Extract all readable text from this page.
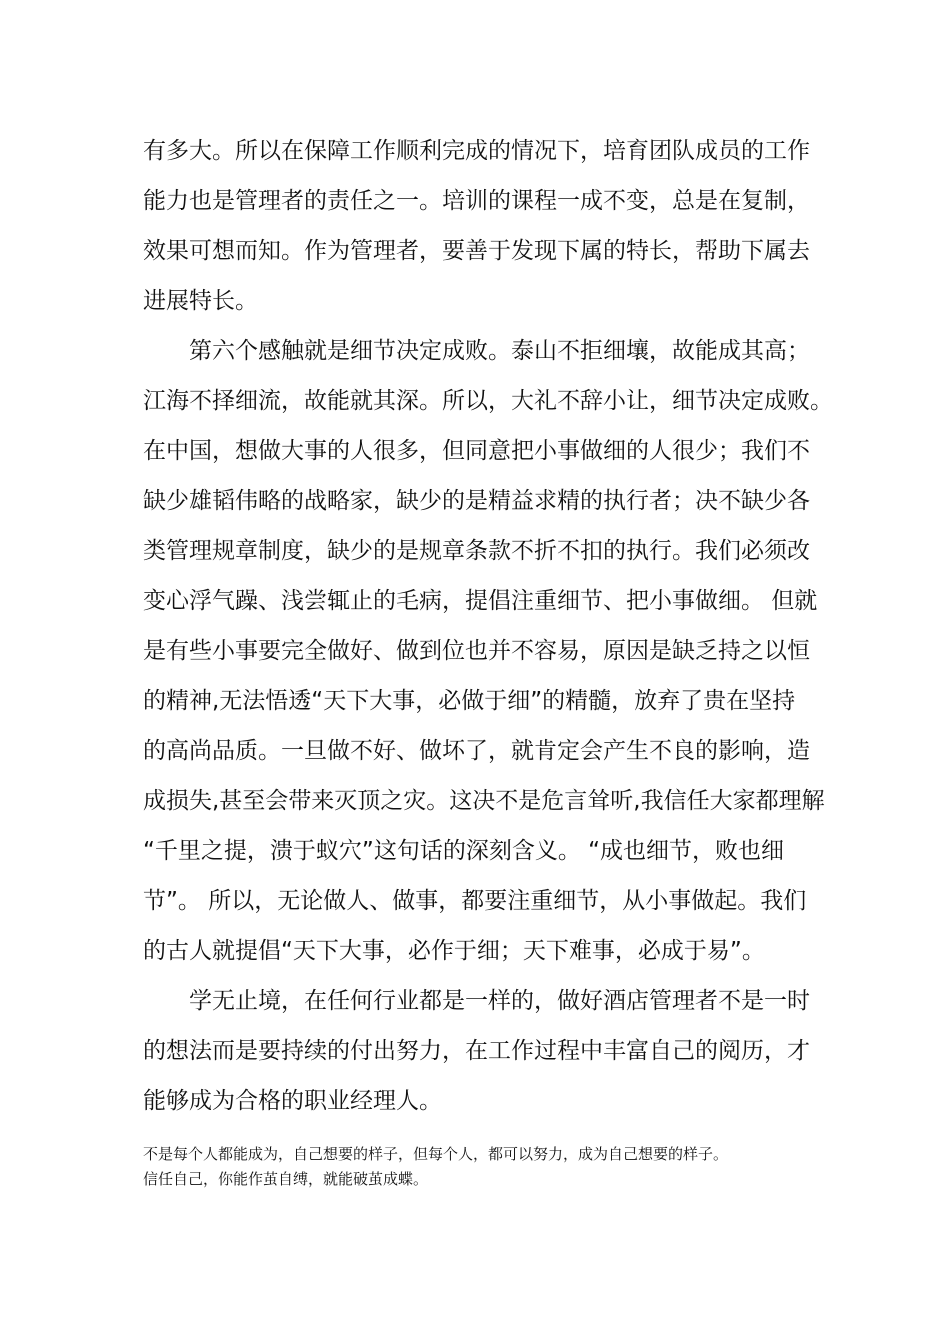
有多大。所以在保障工作顺利完成的情况下，培育团队成员的工作
能力也是管理者的责任之一。培训的课程一成不变，总是在复制，
效果可想而知。作为管理者，要善于发现下属的特长，帮助下属去
进展特长。
　　第六个感触就是细节决定成败。泰山不拒细壤，故能成其高；
江海不择细流，故能就其深。所以，大礼不辞小让，细节决定成败。
在中国，想做大事的人很多，但同意把小事做细的人很少；我们不
缺少雄韬伟略的战略家，缺少的是精益求精的执行者；决不缺少各
类管理规章制度，缺少的是规章条款不折不扣的执行。我们必须改
变心浮气躁、浅尝辄止的毛病，提倡注重细节、把小事做细。 但就
是有些小事要完全做好、做到位也并不容易，原因是缺乏持之以恒
的精神,无法悟透“天下大事，必做于细”的精髓，放弃了贵在坚持
的高尚品质。一旦做不好、做坏了，就肯定会产生不良的影响，造
成损失,甚至会带来灭顶之灾。这决不是危言耸听,我信任大家都理解
“千里之提，溃于蚁穴”这句话的深刻含义。 “成也细节，败也细
节”。 所以，无论做人、做事，都要注重细节，从小事做起。我们
的古人就提倡“天下大事，必作于细；天下难事，必成于易”。
　　学无止境，在任何行业都是一样的，做好酒店管理者不是一时
的想法而是要持续的付出努力，在工作过程中丰富自己的阅历，才
能够成为合格的职业经理人。
不是每个人都能成为，自己想要的样子，但每个人，都可以努力，成为自己想要的样子。
信任自己，你能作茧自缚，就能破茧成蝶。
